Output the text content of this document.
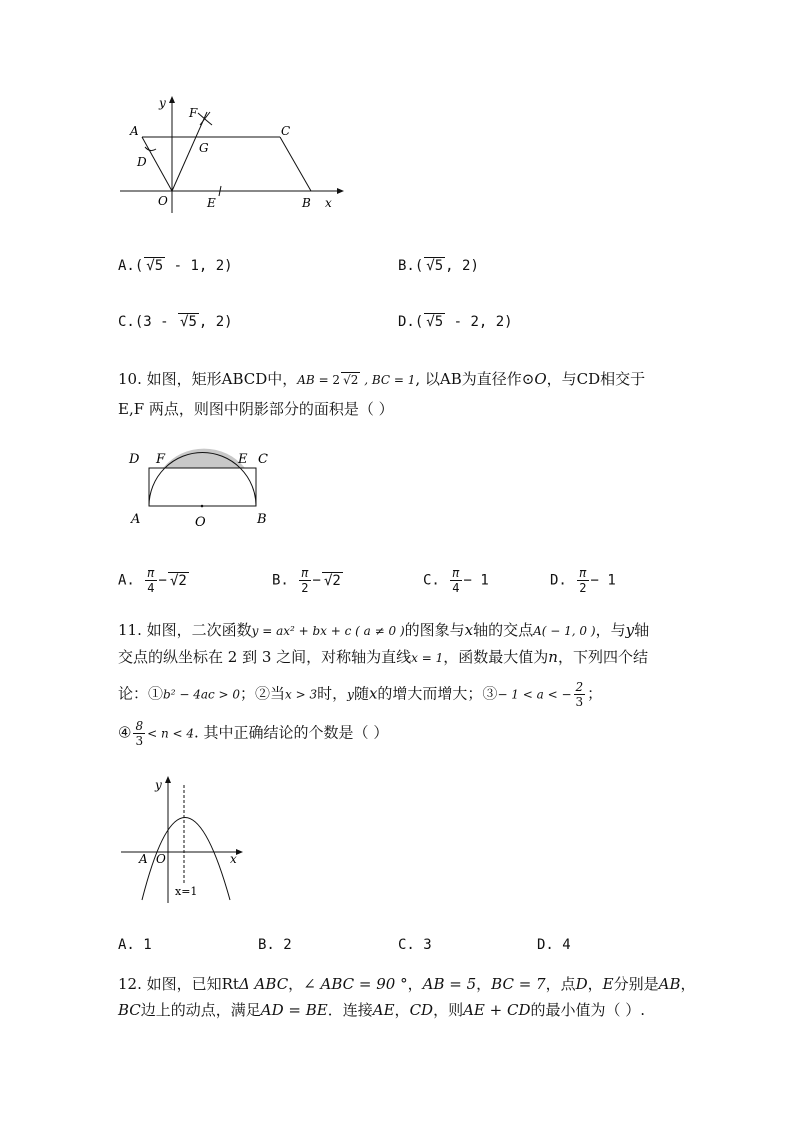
y
F
A	C
G
D
O	E	B x
A.( √5 - 1, 2)	B.( √5 , 2)
C.(3 - √5 , 2)	D.( √5 - 2, 2)
10. 如图，矩形ABCD中，AB = 2 √2 , BC = 1, 以AB为直径作⊙O，与CD相交于
E,F 两点，则图中阴影部分的面积是（ ）
D F	E C
A	O	B
A. $\frac{\pi}{4} - √2$	B. $\frac{\pi}{2} - √2$	C. $\frac{\pi}{4} - 1$	D. $\frac{\pi}{2} - 1$
11. 如图，二次函数y = ax² + bx + c ( a ≠ 0 )的图象与x轴的交点A( − 1, 0 )，与y轴
交点的纵坐标在 2 到 3 之间，对称轴为直线x = 1，函数最大值为n，下列四个结
论：①b² − 4ac > 0；②当x > 3时，y随x的增大而增大；③− 1 < a < − $\frac{2}{3}$ ；
④ $\frac{8}{3} < n < 4$. 其中正确结论的个数是（ ）
y
A O	x
x=1
A. 1	B. 2	C. 3	D. 4
12. 如图，已知RtΔ ABC，∠ ABC = 90 °，AB = 5，BC = 7，点D，E分别是AB，
BC边上的动点，满足AD = BE．连接AE，CD，则AE + CD的最小值为（ ）.
